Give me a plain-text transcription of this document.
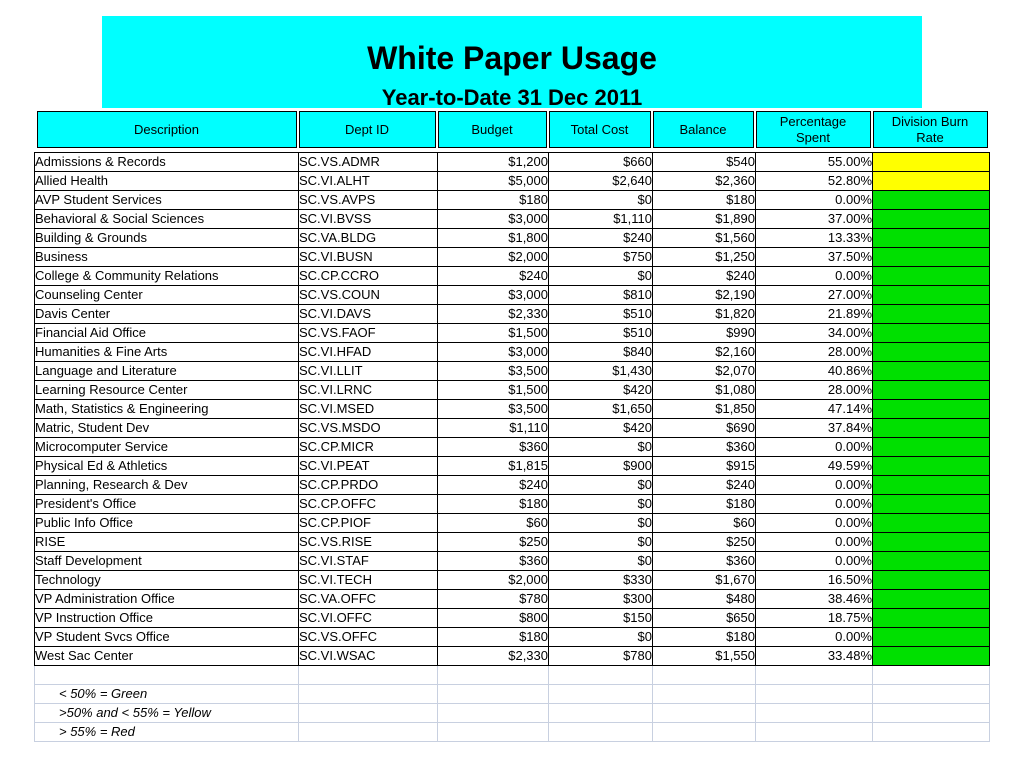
White Paper Usage
Year-to-Date 31 Dec 2011
Description	Dept ID	Budget	Total Cost	Balance	Percentage Spent	Division Burn Rate

Admissions & Records	SC.VS.ADMR	$1,200	$660	$540	55.00%	
Allied Health	SC.VI.ALHT	$5,000	$2,640	$2,360	52.80%	
AVP Student Services	SC.VS.AVPS	$180	$0	$180	0.00%	
Behavioral & Social Sciences	SC.VI.BVSS	$3,000	$1,110	$1,890	37.00%	
Building & Grounds	SC.VA.BLDG	$1,800	$240	$1,560	13.33%	
Business	SC.VI.BUSN	$2,000	$750	$1,250	37.50%	
College & Community Relations	SC.CP.CCRO	$240	$0	$240	0.00%	
Counseling Center	SC.VS.COUN	$3,000	$810	$2,190	27.00%	
Davis Center	SC.VI.DAVS	$2,330	$510	$1,820	21.89%	
Financial Aid Office	SC.VS.FAOF	$1,500	$510	$990	34.00%	
Humanities & Fine Arts	SC.VI.HFAD	$3,000	$840	$2,160	28.00%	
Language and Literature	SC.VI.LLIT	$3,500	$1,430	$2,070	40.86%	
Learning Resource Center	SC.VI.LRNC	$1,500	$420	$1,080	28.00%	
Math, Statistics & Engineering	SC.VI.MSED	$3,500	$1,650	$1,850	47.14%	
Matric, Student Dev	SC.VS.MSDO	$1,110	$420	$690	37.84%	
Microcomputer Service	SC.CP.MICR	$360	$0	$360	0.00%	
Physical Ed & Athletics	SC.VI.PEAT	$1,815	$900	$915	49.59%	
Planning, Research & Dev	SC.CP.PRDO	$240	$0	$240	0.00%	
President's Office	SC.CP.OFFC	$180	$0	$180	0.00%	
Public Info Office	SC.CP.PIOF	$60	$0	$60	0.00%	
RISE	SC.VS.RISE	$250	$0	$250	0.00%	
Staff Development	SC.VI.STAF	$360	$0	$360	0.00%	
Technology	SC.VI.TECH	$2,000	$330	$1,670	16.50%	
VP Administration Office	SC.VA.OFFC	$780	$300	$480	38.46%	
VP Instruction Office	SC.VI.OFFC	$800	$150	$650	18.75%	
VP Student Svcs Office	SC.VS.OFFC	$180	$0	$180	0.00%	
West Sac Center	SC.VI.WSAC	$2,330	$780	$1,550	33.48%	

< 50% = Green						
>50% and < 55% = Yellow						
> 55% = Red						
